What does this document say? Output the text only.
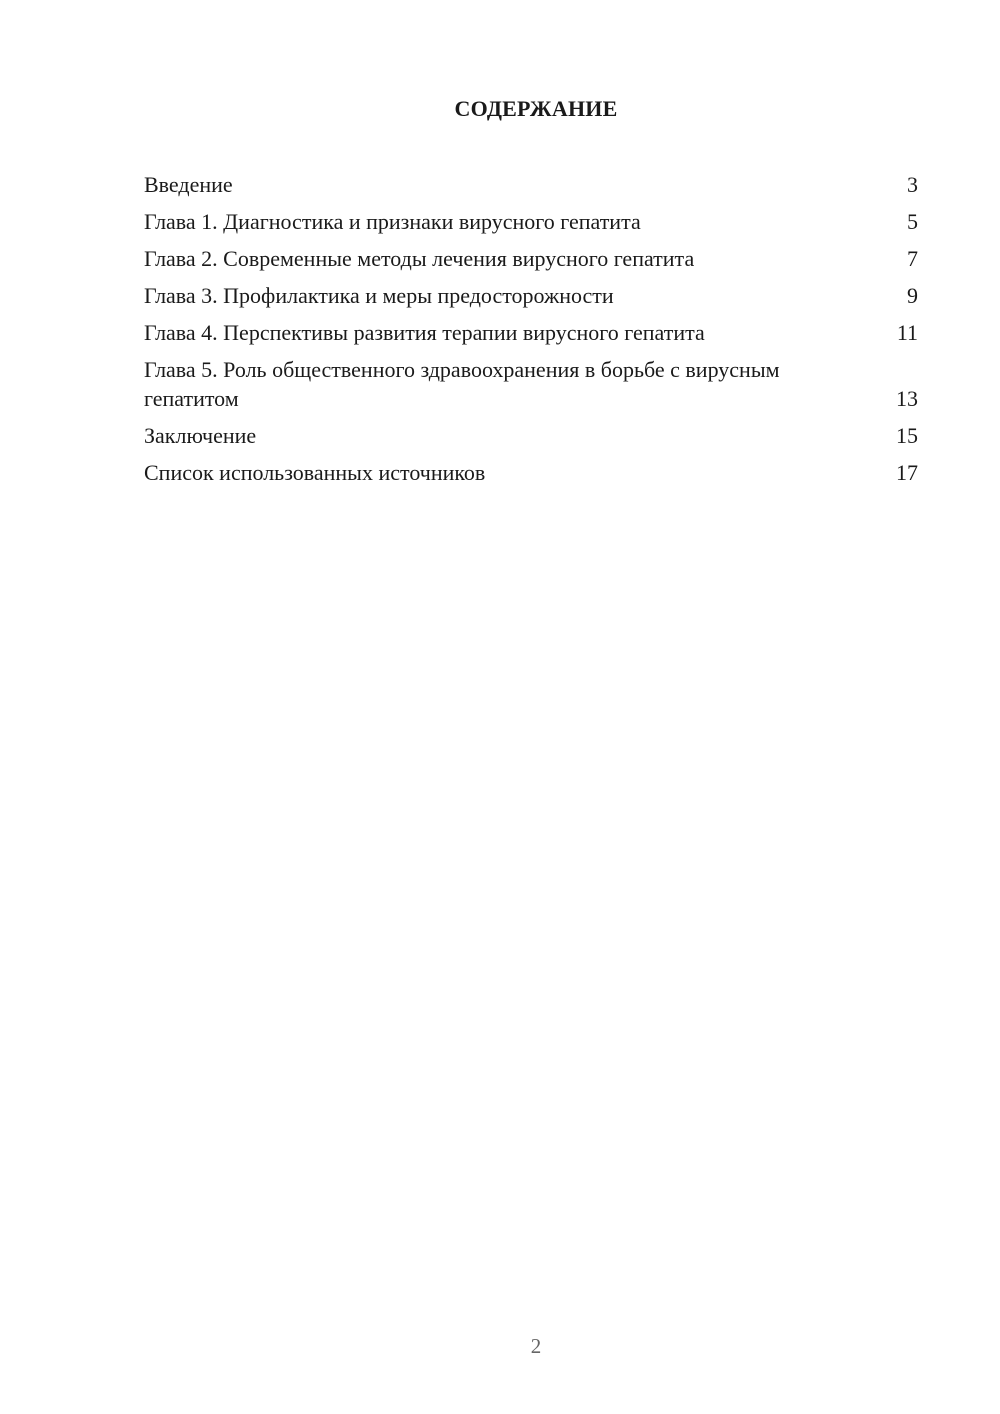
СОДЕРЖАНИЕ
Введение	3
Глава 1. Диагностика и признаки вирусного гепатита	5
Глава 2. Современные методы лечения вирусного гепатита	7
Глава 3. Профилактика и меры предосторожности	9
Глава 4. Перспективы развития терапии вирусного гепатита	11
Глава 5. Роль общественного здравоохранения в борьбе с вирусным гепатитом	13
Заключение	15
Список использованных источников	17
2
